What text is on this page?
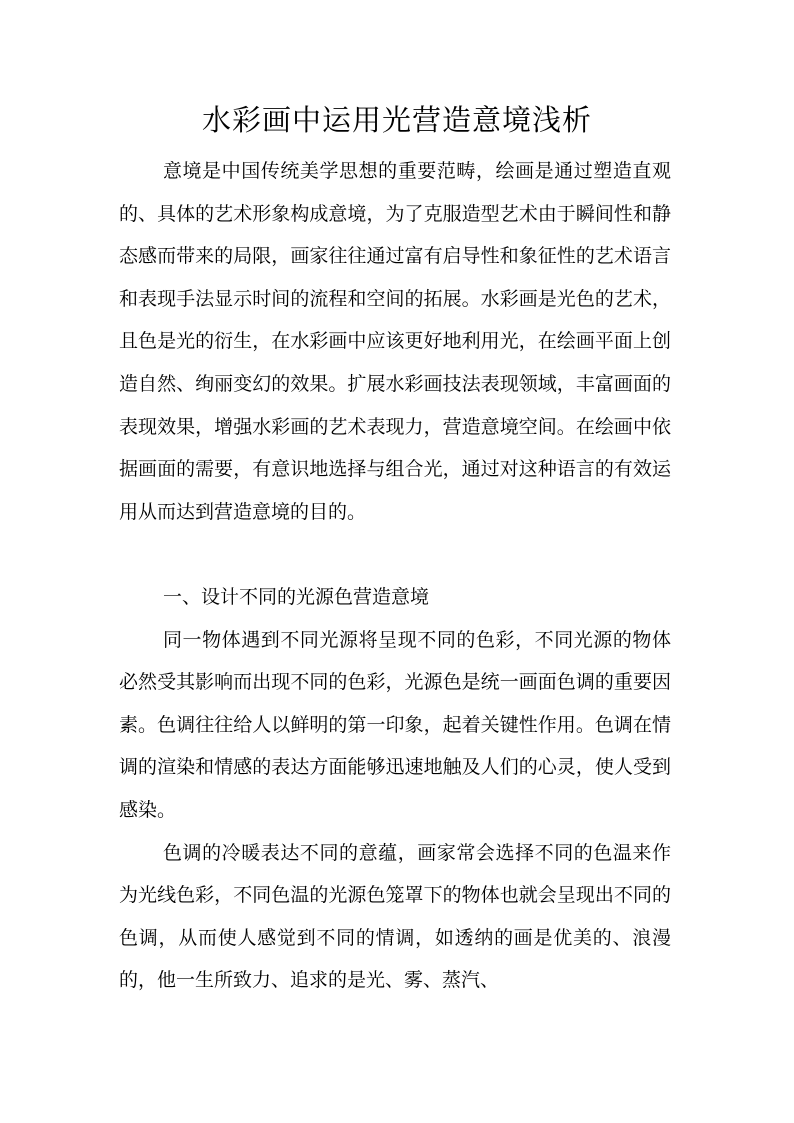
水彩画中运用光营造意境浅析

意境是中国传统美学思想的重要范畴，绘画是通过塑造直观的、具体的艺术形象构成意境，为了克服造型艺术由于瞬间性和静态感而带来的局限，画家往往通过富有启导性和象征性的艺术语言和表现手法显示时间的流程和空间的拓展。水彩画是光色的艺术，且色是光的衍生，在水彩画中应该更好地利用光，在绘画平面上创造自然、绚丽变幻的效果。扩展水彩画技法表现领域，丰富画面的表现效果，增强水彩画的艺术表现力，营造意境空间。在绘画中依据画面的需要，有意识地选择与组合光，通过对这种语言的有效运用从而达到营造意境的目的。

一、设计不同的光源色营造意境

同一物体遇到不同光源将呈现不同的色彩，不同光源的物体必然受其影响而出现不同的色彩，光源色是统一画面色调的重要因素。色调往往给人以鲜明的第一印象，起着关键性作用。色调在情调的渲染和情感的表达方面能够迅速地触及人们的心灵，使人受到感染。

色调的冷暖表达不同的意蕴，画家常会选择不同的色温来作为光线色彩，不同色温的光源色笼罩下的物体也就会呈现出不同的色调，从而使人感觉到不同的情调，如透纳的画是优美的、浪漫的，他一生所致力、追求的是光、雾、蒸汽、
